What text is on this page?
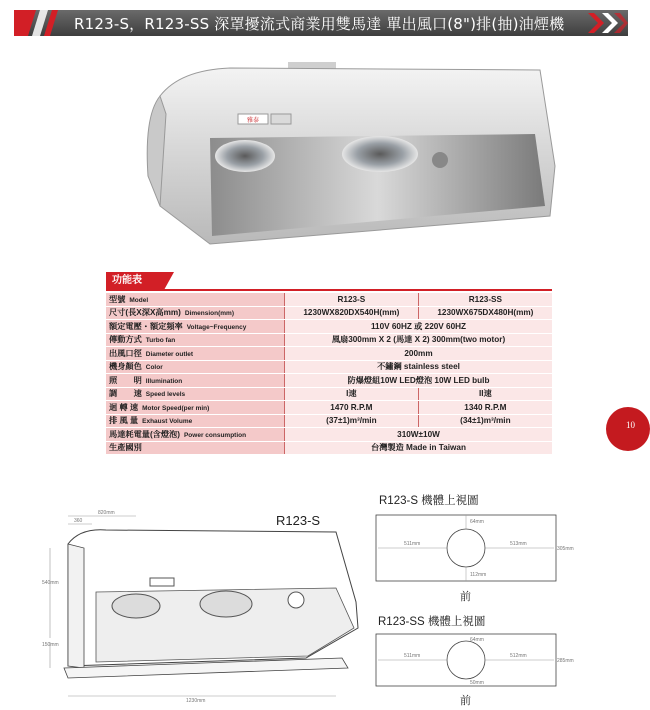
R123-S，R123-SS 深罩擾流式商業用雙馬達 單出風口(8")排(抽)油煙機
雅泰
功能表
型號 Model	R123-S	R123-SS
尺寸(長X深X高mm) Dimension(mm)	1230WX820DX540H(mm)	1230WX675DX480H(mm)
額定電壓・額定頻率 Voltage~Frequency	110V 60HZ 或 220V 60HZ	
傳動方式 Turbo fan	風扇300mm X 2 (馬達 X 2) 300mm(two motor)	
出風口徑 Diameter outlet	200mm	
機身顏色 Color	不鏽鋼 stainless steel	
照　　明 Illumination	防爆燈組10W LED燈泡 10W LED bulb	
調　　速 Speed levels	I速	II速
迴 轉 速 Motor Speed(per min)	1470 R.P.M	1340 R.P.M
排 風 量 Exhaust Volume	(37±1)m³/min	(34±1)m³/min
馬達耗電量(含燈泡) Power consumption	310W±10W	
生產國別	台灣製造 Made in Taiwan	
10
820mm
360
540mm
150mm
1230mm
R123-S
R123-S 機體上視圖
64mm
511mm	513mm
112mm
305mm
前
R123-SS 機體上視圖
64mm
511mm	512mm
50mm
285mm
前
